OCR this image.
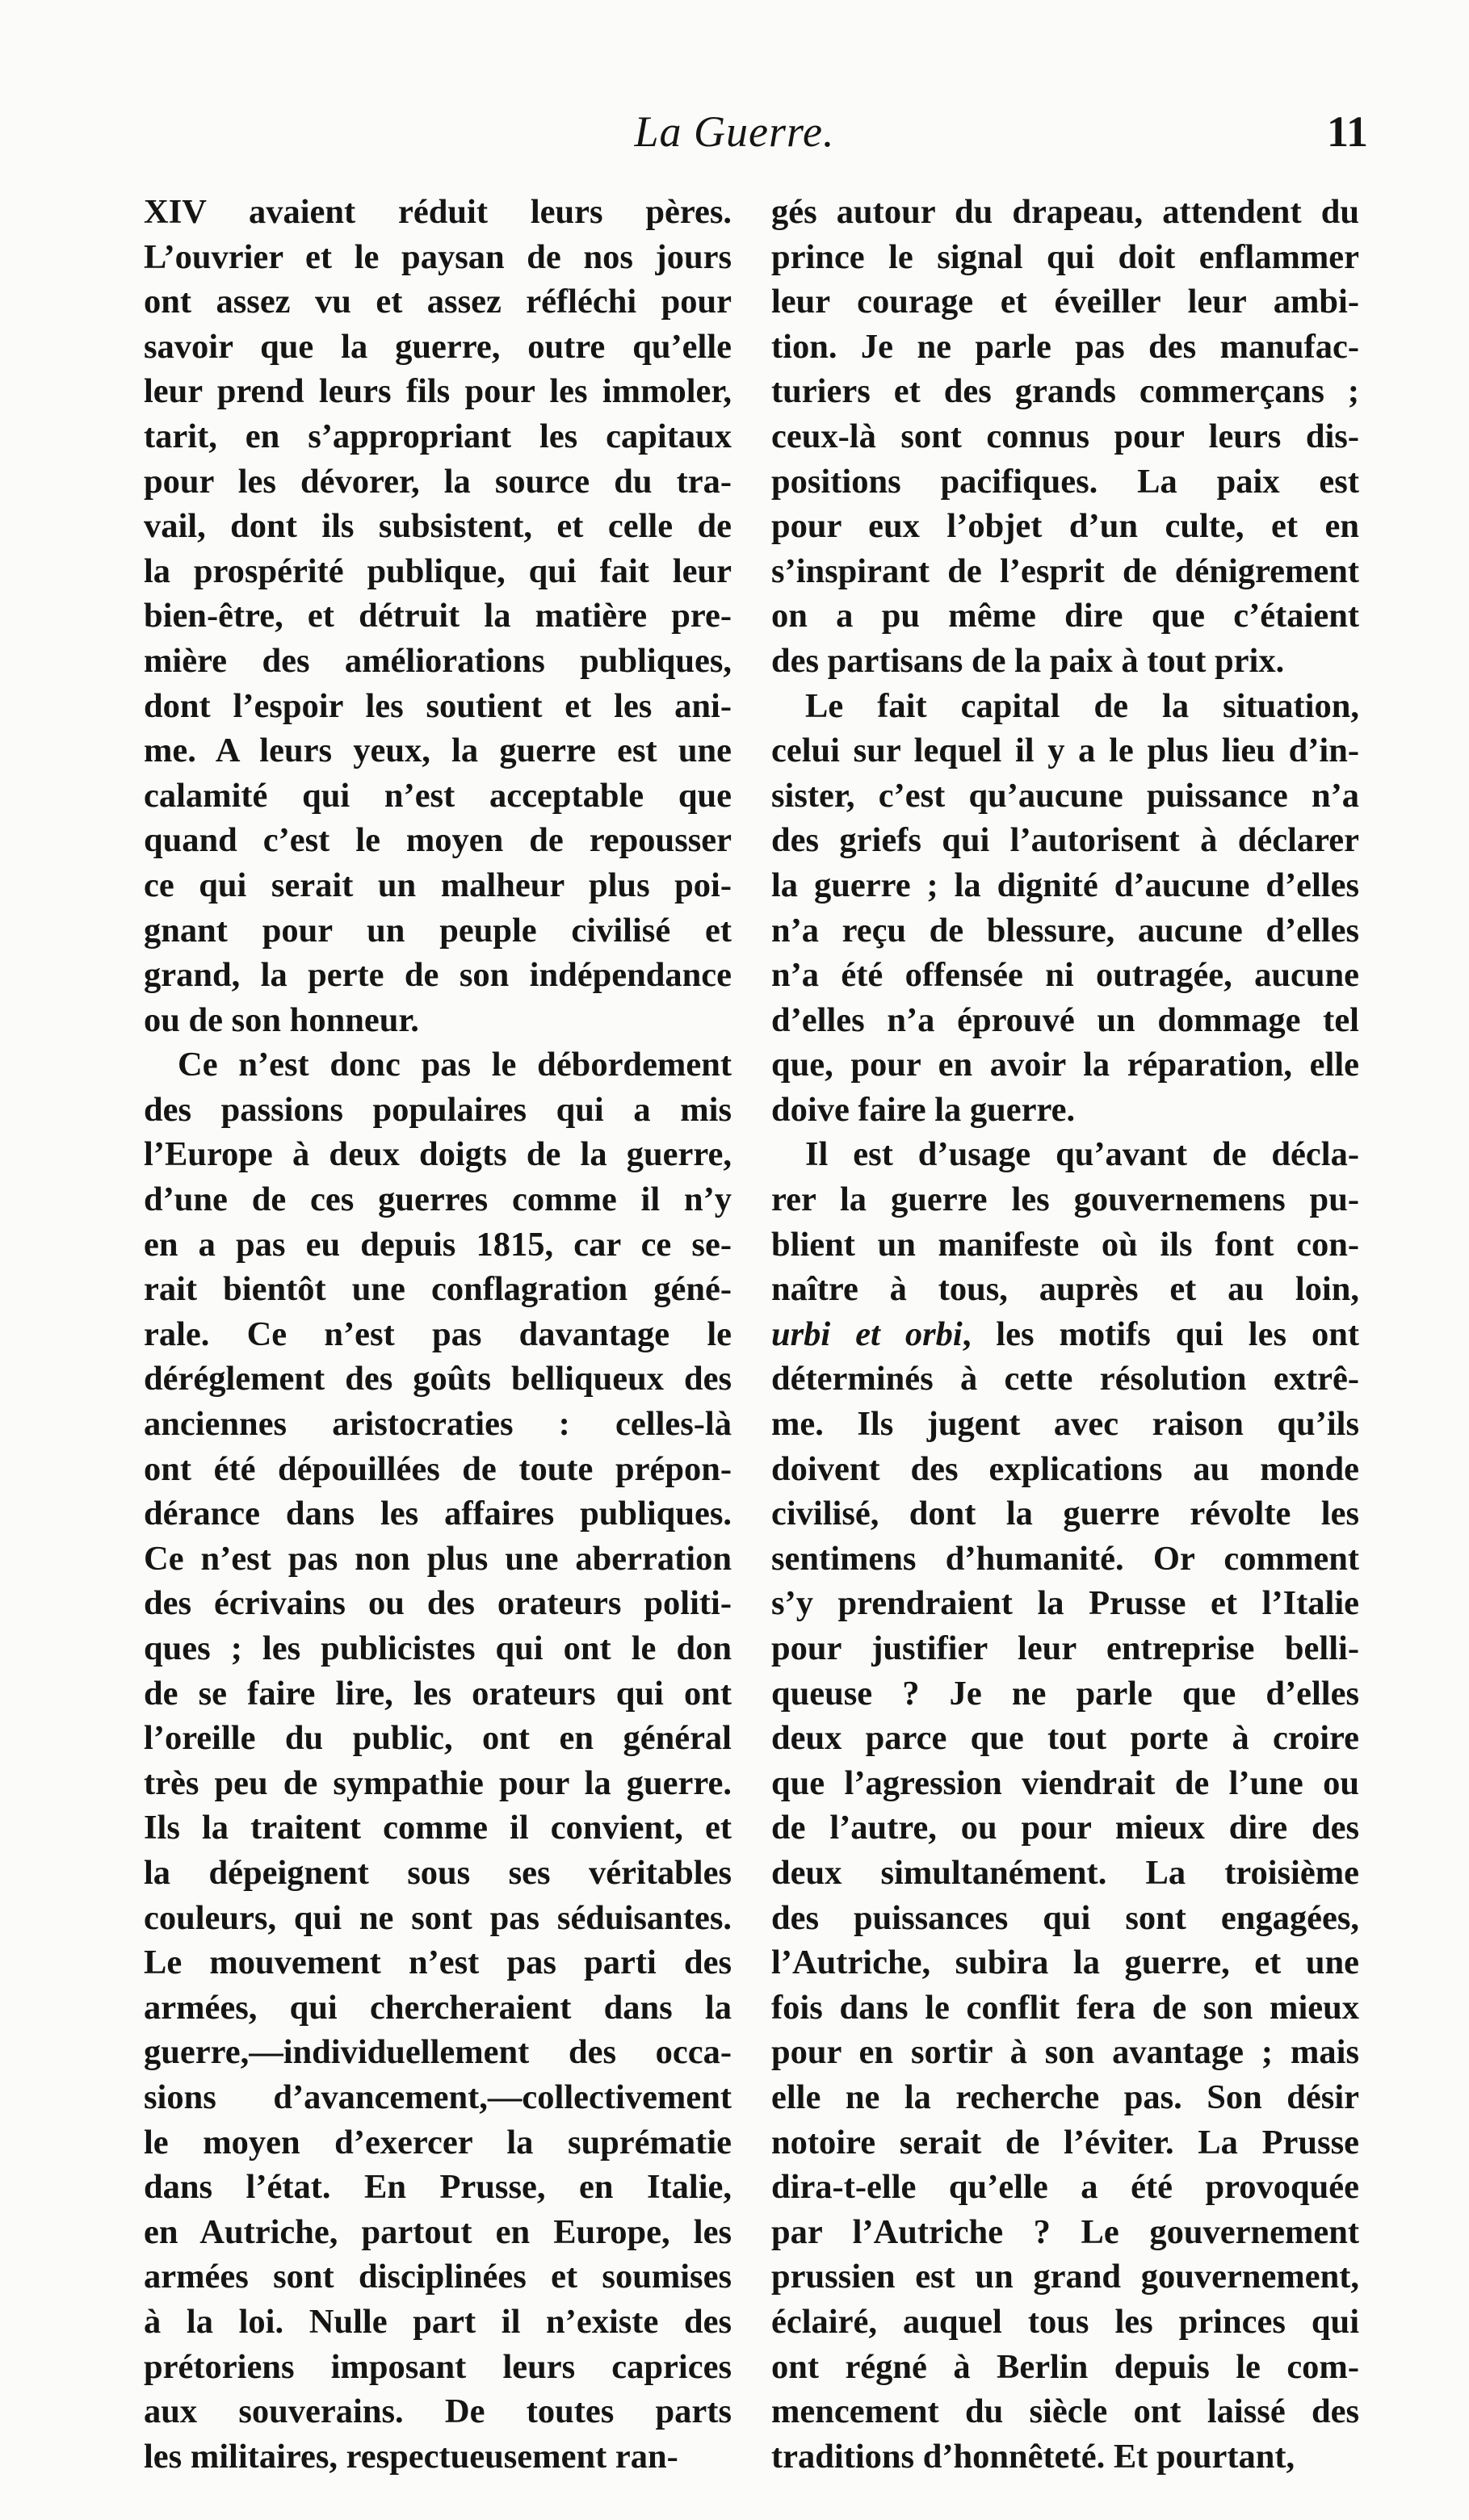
La Guerre.	11
XIV avaient réduit leurs pères.
L’ouvrier et le paysan de nos jours
ont assez vu et assez réfléchi pour
savoir que la guerre, outre qu’elle
leur prend leurs fils pour les immoler,
tarit, en s’appropriant les capitaux
pour les dévorer, la source du tra-
vail, dont ils subsistent, et celle de
la prospérité publique, qui fait leur
bien-être, et détruit la matière pre-
mière des améliorations publiques,
dont l’espoir les soutient et les ani-
me. A leurs yeux, la guerre est une
calamité qui n’est acceptable que
quand c’est le moyen de repousser
ce qui serait un malheur plus poi-
gnant pour un peuple civilisé et
grand, la perte de son indépendance
ou de son honneur.
Ce n’est donc pas le débordement
des passions populaires qui a mis
l’Europe à deux doigts de la guerre,
d’une de ces guerres comme il n’y
en a pas eu depuis 1815, car ce se-
rait bientôt une conflagration géné-
rale. Ce n’est pas davantage le
déréglement des goûts belliqueux des
anciennes aristocraties : celles-là
ont été dépouillées de toute prépon-
dérance dans les affaires publiques.
Ce n’est pas non plus une aberration
des écrivains ou des orateurs politi-
ques ; les publicistes qui ont le don
de se faire lire, les orateurs qui ont
l’oreille du public, ont en général
très peu de sympathie pour la guerre.
Ils la traitent comme il convient, et
la dépeignent sous ses véritables
couleurs, qui ne sont pas séduisantes.
Le mouvement n’est pas parti des
armées, qui chercheraient dans la
guerre,—individuellement des occa-
sions d’avancement,—collectivement
le moyen d’exercer la suprématie
dans l’état. En Prusse, en Italie,
en Autriche, partout en Europe, les
armées sont disciplinées et soumises
à la loi. Nulle part il n’existe des
prétoriens imposant leurs caprices
aux souverains. De toutes parts
les militaires, respectueusement ran-
gés autour du drapeau, attendent du
prince le signal qui doit enflammer
leur courage et éveiller leur ambi-
tion. Je ne parle pas des manufac-
turiers et des grands commerçans ;
ceux-là sont connus pour leurs dis-
positions pacifiques. La paix est
pour eux l’objet d’un culte, et en
s’inspirant de l’esprit de dénigrement
on a pu même dire que c’étaient
des partisans de la paix à tout prix.
Le fait capital de la situation,
celui sur lequel il y a le plus lieu d’in-
sister, c’est qu’aucune puissance n’a
des griefs qui l’autorisent à déclarer
la guerre ; la dignité d’aucune d’elles
n’a reçu de blessure, aucune d’elles
n’a été offensée ni outragée, aucune
d’elles n’a éprouvé un dommage tel
que, pour en avoir la réparation, elle
doive faire la guerre.
Il est d’usage qu’avant de décla-
rer la guerre les gouvernemens pu-
blient un manifeste où ils font con-
naître à tous, auprès et au loin,
urbi et orbi, les motifs qui les ont
déterminés à cette résolution extrê-
me. Ils jugent avec raison qu’ils
doivent des explications au monde
civilisé, dont la guerre révolte les
sentimens d’humanité. Or comment
s’y prendraient la Prusse et l’Italie
pour justifier leur entreprise belli-
queuse ? Je ne parle que d’elles
deux parce que tout porte à croire
que l’agression viendrait de l’une ou
de l’autre, ou pour mieux dire des
deux simultanément. La troisième
des puissances qui sont engagées,
l’Autriche, subira la guerre, et une
fois dans le conflit fera de son mieux
pour en sortir à son avantage ; mais
elle ne la recherche pas. Son désir
notoire serait de l’éviter. La Prusse
dira-t-elle qu’elle a été provoquée
par l’Autriche ? Le gouvernement
prussien est un grand gouvernement,
éclairé, auquel tous les princes qui
ont régné à Berlin depuis le com-
mencement du siècle ont laissé des
traditions d’honnêteté. Et pourtant,
